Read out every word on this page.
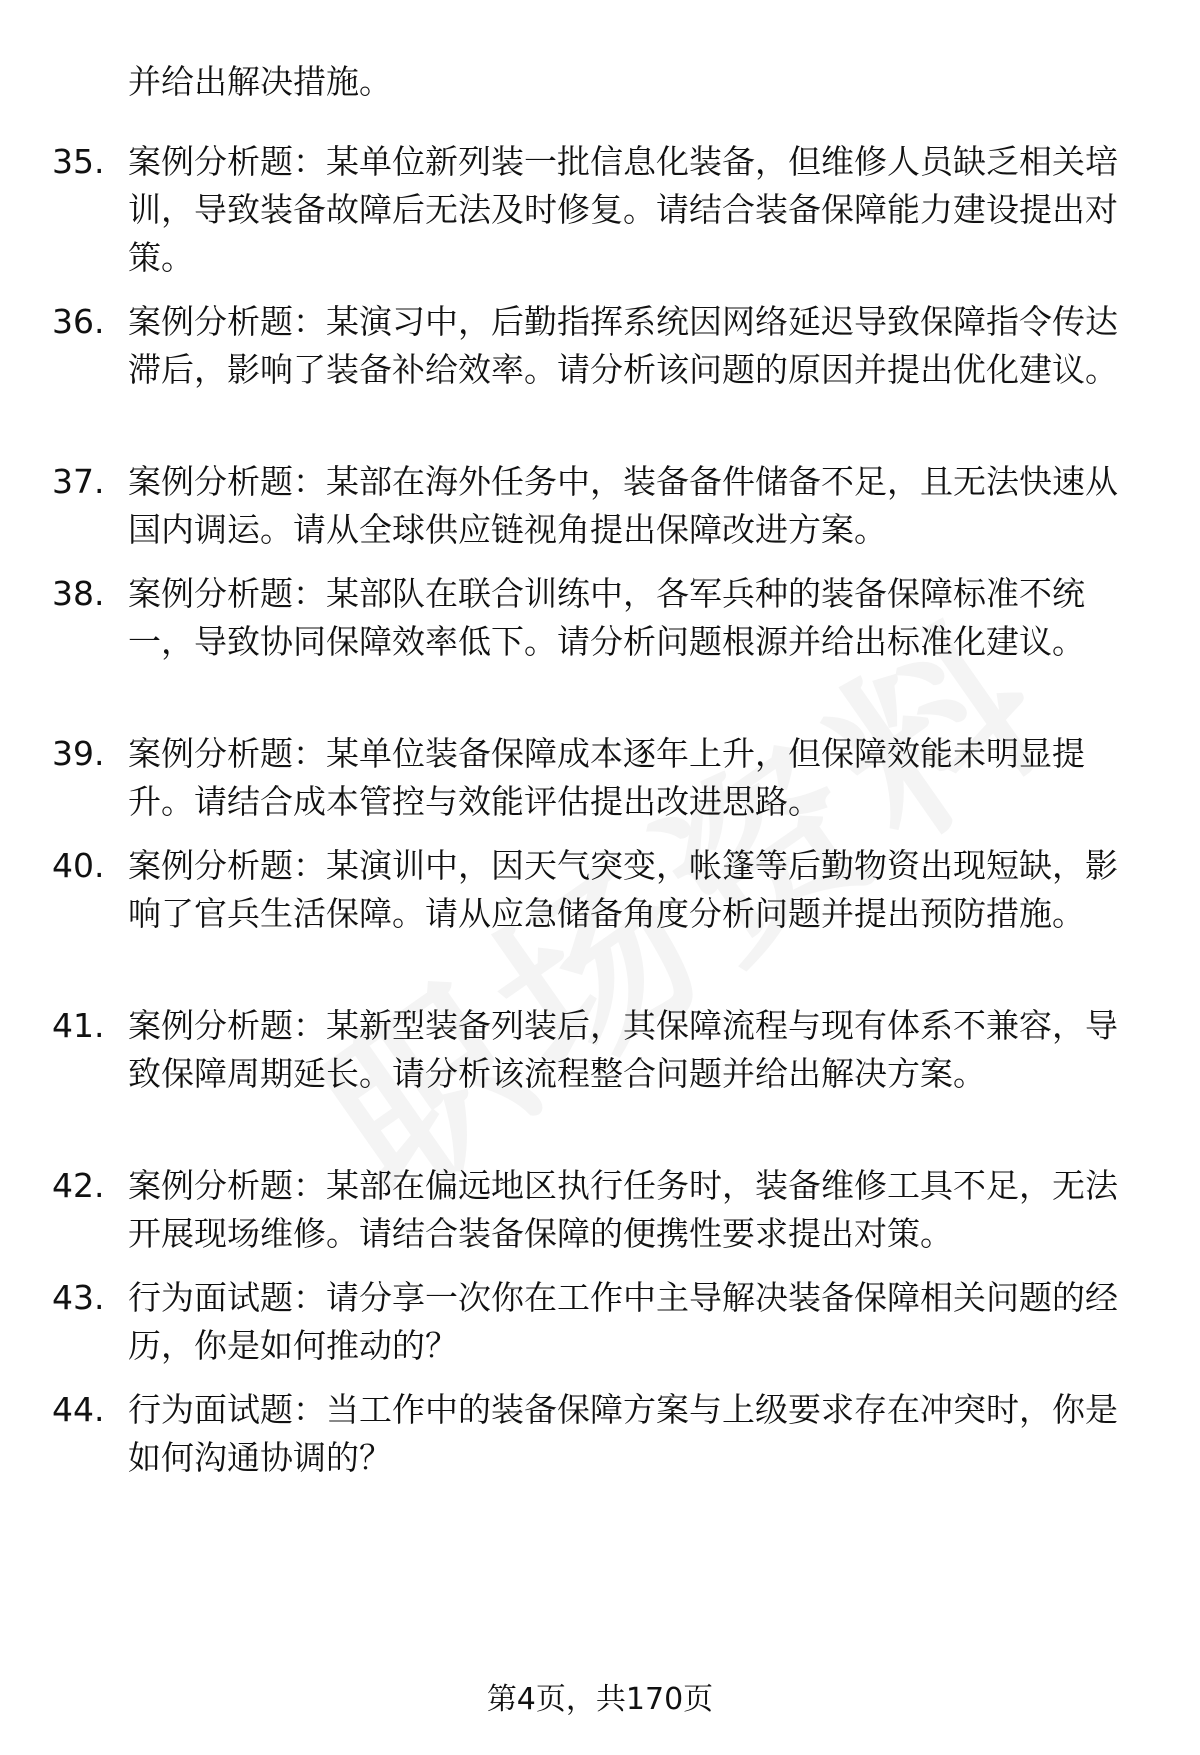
并给出解决措施。
35. 案例分析题：某单位新列装一批信息化装备，但维修人员缺乏相关培训，导致装备故障后无法及时修复。请结合装备保障能力建设提出对策。
36. 案例分析题：某演习中，后勤指挥系统因网络延迟导致保障指令传达滞后，影响了装备补给效率。请分析该问题的原因并提出优化建议。
37. 案例分析题：某部在海外任务中，装备备件储备不足，且无法快速从国内调运。请从全球供应链视角提出保障改进方案。
38. 案例分析题：某部队在联合训练中，各军兵种的装备保障标准不统一，导致协同保障效率低下。请分析问题根源并给出标准化建议。
39. 案例分析题：某单位装备保障成本逐年上升，但保障效能未明显提升。请结合成本管控与效能评估提出改进思路。
40. 案例分析题：某演训中，因天气突变，帐篷等后勤物资出现短缺，影响了官兵生活保障。请从应急储备角度分析问题并提出预防措施。
41. 案例分析题：某新型装备列装后，其保障流程与现有体系不兼容，导致保障周期延长。请分析该流程整合问题并给出解决方案。
42. 案例分析题：某部在偏远地区执行任务时，装备维修工具不足，无法开展现场维修。请结合装备保障的便携性要求提出对策。
43. 行为面试题：请分享一次你在工作中主导解决装备保障相关问题的经历，你是如何推动的？
44. 行为面试题：当工作中的装备保障方案与上级要求存在冲突时，你是如何沟通协调的？
第4页，共170页
